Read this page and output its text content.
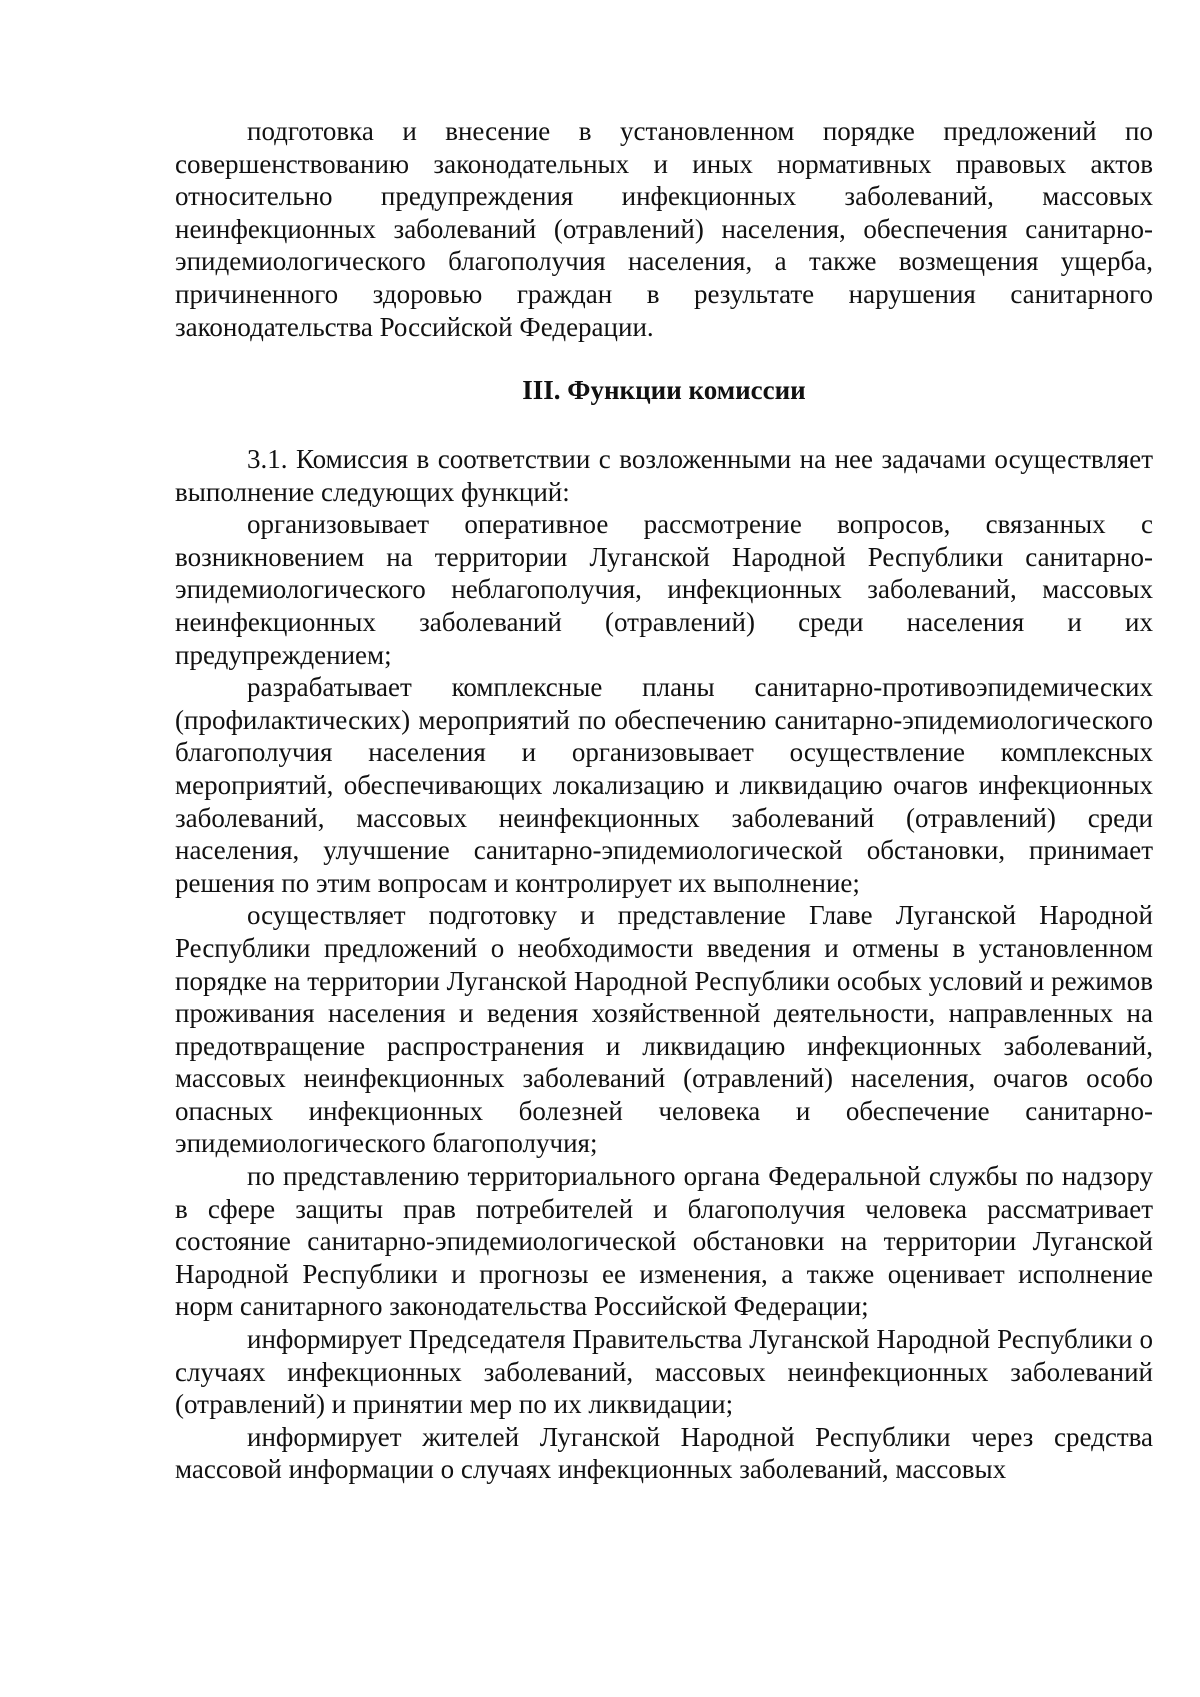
подготовка и внесение в установленном порядке предложений по совершенствованию законодательных и иных нормативных правовых актов относительно предупреждения инфекционных заболеваний, массовых неинфекционных заболеваний (отравлений) населения, обеспечения санитарно-эпидемиологического благополучия населения, а также возмещения ущерба, причиненного здоровью граждан в результате нарушения санитарного законодательства Российской Федерации.

III. Функции комиссии

3.1. Комиссия в соответствии с возложенными на нее задачами осуществляет выполнение следующих функций:

организовывает оперативное рассмотрение вопросов, связанных с возникновением на территории Луганской Народной Республики санитарно-эпидемиологического неблагополучия, инфекционных заболеваний, массовых неинфекционных заболеваний (отравлений) среди населения и их предупреждением;

разрабатывает комплексные планы санитарно-противоэпидемических (профилактических) мероприятий по обеспечению санитарно-эпидемиологического благополучия населения и организовывает осуществление комплексных мероприятий, обеспечивающих локализацию и ликвидацию очагов инфекционных заболеваний, массовых неинфекционных заболеваний (отравлений) среди населения, улучшение санитарно-эпидемиологической обстановки, принимает решения по этим вопросам и контролирует их выполнение;

осуществляет подготовку и представление Главе Луганской Народной Республики предложений о необходимости введения и отмены в установленном порядке на территории Луганской Народной Республики особых условий и режимов проживания населения и ведения хозяйственной деятельности, направленных на предотвращение распространения и ликвидацию инфекционных заболеваний, массовых неинфекционных заболеваний (отравлений) населения, очагов особо опасных инфекционных болезней человека и обеспечение санитарно-эпидемиологического благополучия;

по представлению территориального органа Федеральной службы по надзору в сфере защиты прав потребителей и благополучия человека рассматривает состояние санитарно-эпидемиологической обстановки на территории Луганской Народной Республики и прогнозы ее изменения, а также оценивает исполнение норм санитарного законодательства Российской Федерации;

информирует Председателя Правительства Луганской Народной Республики о случаях инфекционных заболеваний, массовых неинфекционных заболеваний (отравлений) и принятии мер по их ликвидации;

информирует жителей Луганской Народной Республики через средства массовой информации о случаях инфекционных заболеваний, массовых
